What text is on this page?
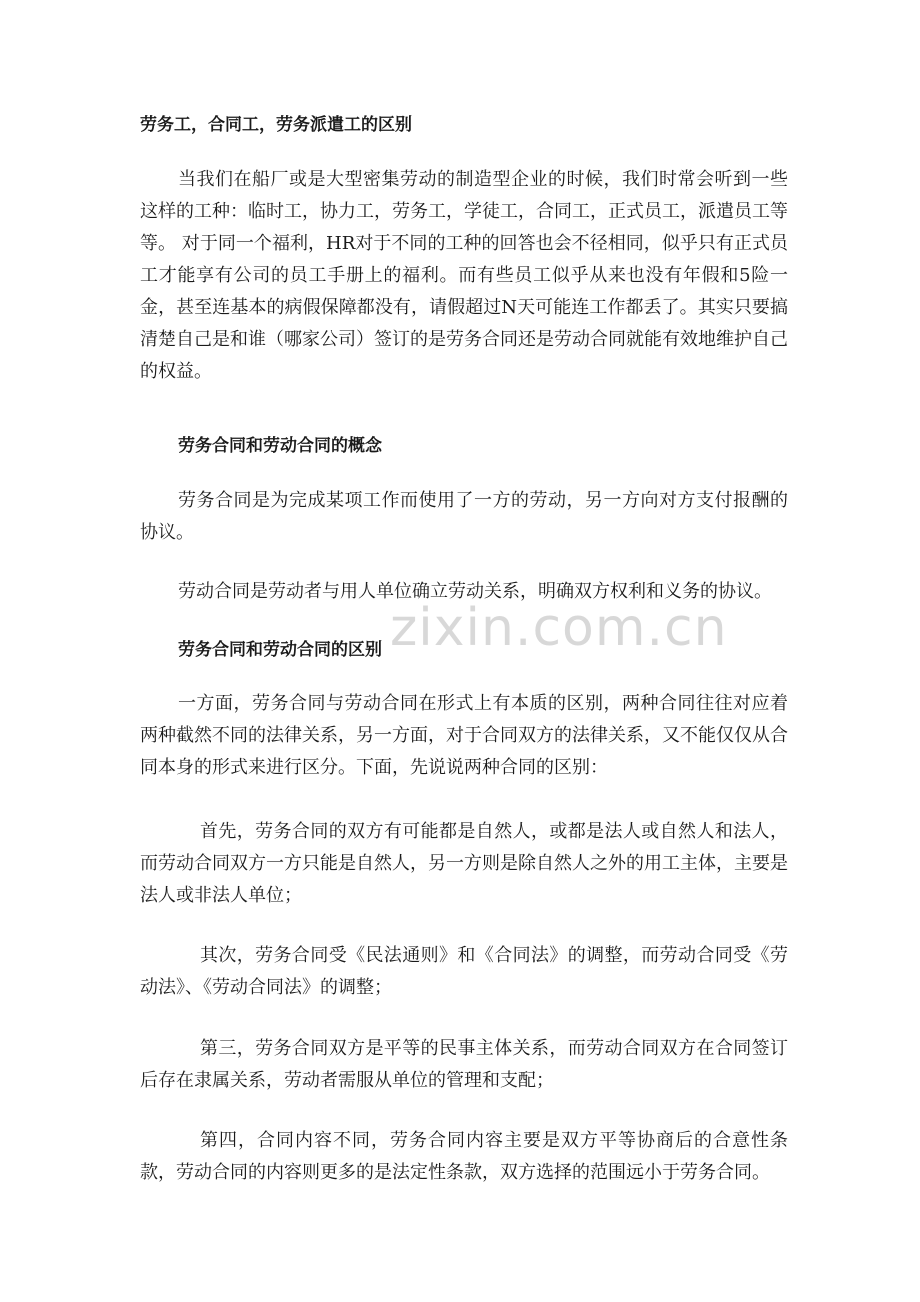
zixin.com.cn

劳务工，合同工，劳务派遣工的区别

当我们在船厂或是大型密集劳动的制造型企业的时候，我们时常会听到一些这样的工种：临时工，协力工，劳务工，学徒工，合同工，正式员工，派遣员工等等。 对于同一个福利，HR对于不同的工种的回答也会不径相同，似乎只有正式员工才能享有公司的员工手册上的福利。而有些员工似乎从来也没有年假和5险一金，甚至连基本的病假保障都没有，请假超过N天可能连工作都丢了。其实只要搞清楚自己是和谁（哪家公司）签订的是劳务合同还是劳动合同就能有效地维护自己的权益。

劳务合同和劳动合同的概念

劳务合同是为完成某项工作而使用了一方的劳动，另一方向对方支付报酬的协议。

劳动合同是劳动者与用人单位确立劳动关系，明确双方权利和义务的协议。

劳务合同和劳动合同的区别

一方面，劳务合同与劳动合同在形式上有本质的区别，两种合同往往对应着两种截然不同的法律关系，另一方面，对于合同双方的法律关系，又不能仅仅从合同本身的形式来进行区分。下面，先说说两种合同的区别：

首先，劳务合同的双方有可能都是自然人，或都是法人或自然人和法人，而劳动合同双方一方只能是自然人，另一方则是除自然人之外的用工主体，主要是法人或非法人单位；

其次，劳务合同受《民法通则》和《合同法》的调整，而劳动合同受《劳动法》、《劳动合同法》的调整；

第三，劳务合同双方是平等的民事主体关系，而劳动合同双方在合同签订后存在隶属关系，劳动者需服从单位的管理和支配；

第四，合同内容不同，劳务合同内容主要是双方平等协商后的合意性条款，劳动合同的内容则更多的是法定性条款，双方选择的范围远小于劳务合同。
